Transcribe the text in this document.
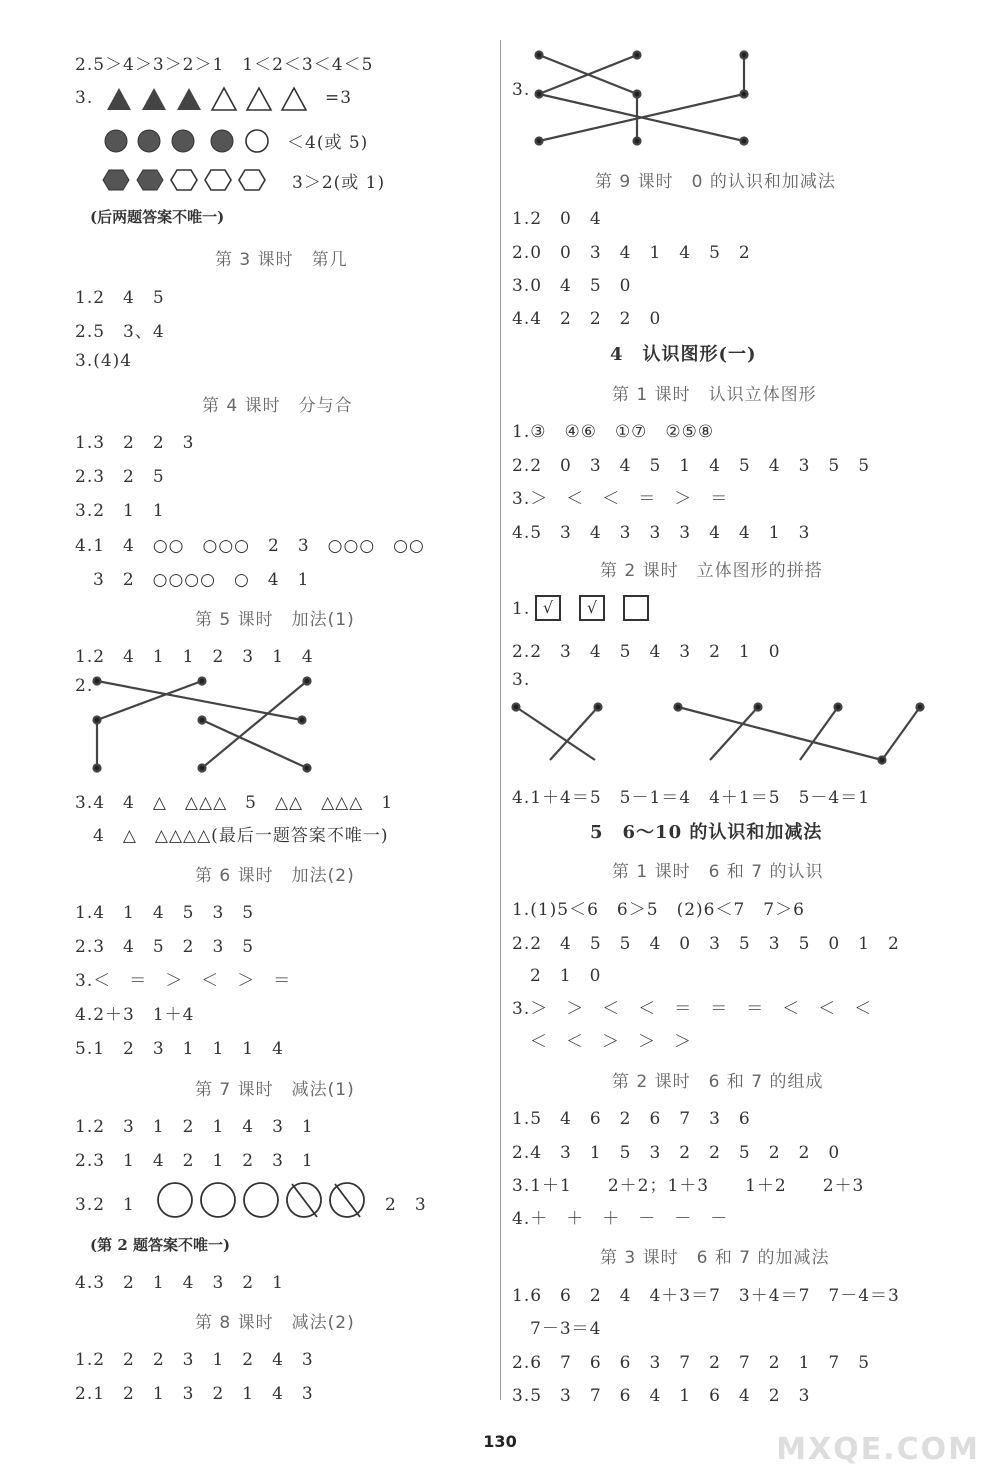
2.5＞4＞3＞2＞1　1＜2＜3＜4＜5
3.	=3
＜4(或 5)
3＞2(或 1)
(后两题答案不唯一)
第 3 课时　第几
1.2　4　5
2.5　3、4
3.(4)4
第 4 课时　分与合
1.3　2　2　3
2.3　2　5
3.2　1　1
4.1　4　○○　○○○　2　3　○○○　○○
　3　2　○○○○　○　4　1
第 5 课时　加法(1)
1.2　4　1　1　2　3　1　4
2.
3.4　4　△　△△△　5　△△　△△△　1
　4　△　△△△△(最后一题答案不唯一)
第 6 课时　加法(2)
1.4　1　4　5　3　5
2.3　4　5　2　3　5
3.＜　＝　＞　＜　＞　＝
4.2＋3　1＋4
5.1　2　3　1　1　1　4
第 7 课时　减法(1)
1.2　3　1　2　1　4　3　1
2.3　1　4　2　1　2　3　1
3.2　1	2　3
(第 2 题答案不唯一)
4.3　2　1　4　3　2　1
第 8 课时　减法(2)
1.2　2　2　3　1　2　4　3
2.1　2　1　3　2　1　4　3
3.
第 9 课时　0 的认识和加减法
1.2　0　4
2.0　0　3　4　1　4　5　2
3.0　4　5　0
4.4　2　2　2　0
4　认识图形(一)
第 1 课时　认识立体图形
1.③　④⑥　①⑦　②⑤⑧
2.2　0　3　4　5　1　4　5　4　3　5　5
3.＞　＜　＜　＝　＞　＝
4.5　3　4　3　3　3　4　4　1　3
第 2 课时　立体图形的拼搭
1. √ √
2.2　3　4　5　4　3　2　1　0
3.
4.1＋4＝5　5－1＝4　4＋1＝5　5－4＝1
5　6～10 的认识和加减法
第 1 课时　6 和 7 的认识
1.(1)5＜6　6＞5　(2)6＜7　7＞6
2.2　4　5　5　4　0　3　5　3　5　0　1　2
　2　1　0
3.＞　＞　＜　＜　＝　＝　＝　＜　＜　＜
　＜　＜　＞　＞　＞
第 2 课时　6 和 7 的组成
1.5　4　6　2　6　7　3　6
2.4　3　1　5　3　2　2　5　2　2　0
3.1＋1　　2＋2；1＋3　　1＋2　　2＋3
4.＋　＋　＋　－　－　－
第 3 课时　6 和 7 的加减法
1.6　6　2　4　4＋3＝7　3＋4＝7　7－4＝3
　7－3＝4
2.6　7　6　6　3　7　2　7　2　1　7　5
3.5　3　7　6　4　1　6　4　2　3
130	MXQE.COM
